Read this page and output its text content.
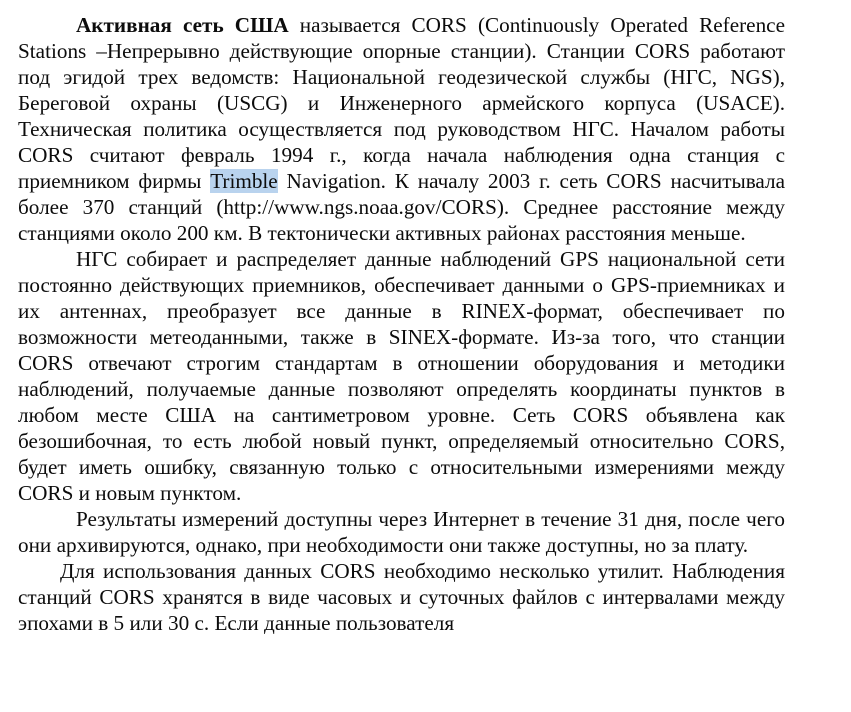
Активная сеть США называется CORS (Continuously Operated Reference Stations –Непрерывно действующие опорные станции). Станции CORS работают под эгидой трех ведомств: Национальной геодезической службы (НГС, NGS), Береговой охраны (USCG) и Инженерного армейского корпуса (USACE). Техническая политика осуществляется под руководством НГС. Началом работы CORS считают февраль 1994 г., когда начала наблюдения одна станция с приемником фирмы Trimble Navigation. К началу 2003 г. сеть CORS насчитывала более 370 станций (http://www.ngs.noaa.gov/CORS). Среднее расстояние между станциями около 200 км. В тектонически активных районах расстояния меньше.

НГС собирает и распределяет данные наблюдений GPS национальной сети постоянно действующих приемников, обеспечивает данными о GPS-приемниках и их антеннах, преобразует все данные в RINEX-формат, обеспечивает по возможности метеоданными, также в SINEX-формате. Из-за того, что станции CORS отвечают строгим стандартам в отношении оборудования и методики наблюдений, получаемые данные позволяют определять координаты пунктов в любом месте США на сантиметровом уровне. Сеть CORS объявлена как безошибочная, то есть любой новый пункт, определяемый относительно CORS, будет иметь ошибку, связанную только с относительными измерениями между CORS и новым пунктом.

Результаты измерений доступны через Интернет в течение 31 дня, после чего они архивируются, однако, при необходимости они также доступны, но за плату.

Для использования данных CORS необходимо несколько утилит. Наблюдения станций CORS хранятся в виде часовых и суточных файлов с интервалами между эпохами в 5 или 30 с. Если данные пользователя
